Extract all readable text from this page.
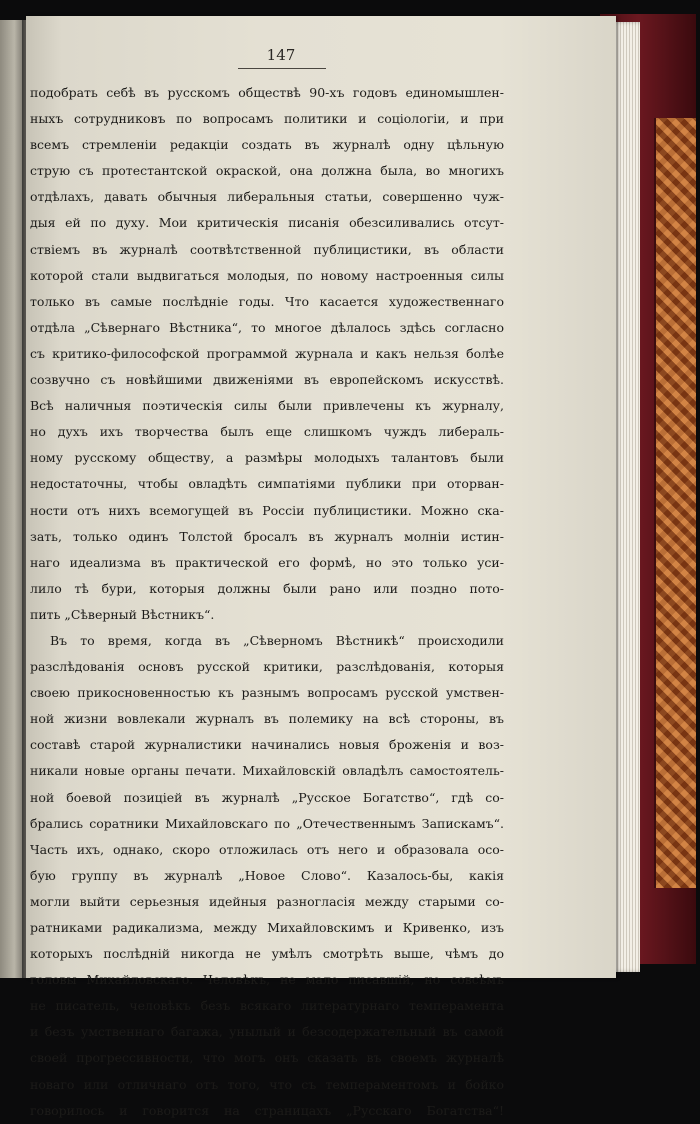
147
подобрать себѣ въ русскомъ обществѣ 90-хъ годовъ единомышлен-
ныхъ сотрудниковъ по вопросамъ политики и соціологіи, и при
всемъ стремленіи редакціи создать въ журналѣ одну цѣльную
струю съ протестантской окраской, она должна была, во многихъ
отдѣлахъ, давать обычныя либеральныя статьи, совершенно чуж-
дыя ей по духу. Мои критическія писанія обезсиливались отсут-
ствіемъ въ журналѣ соотвѣтственной публицистики, въ области
которой стали выдвигаться молодыя, по новому настроенныя силы
только въ самые послѣдніе годы. Что касается художественнаго
отдѣла „Сѣвернаго Вѣстника“, то многое дѣлалось здѣсь согласно
съ критико-философской программой журнала и какъ нельзя болѣе
созвучно съ новѣйшими движеніями въ европейскомъ искусствѣ.
Всѣ наличныя поэтическія силы были привлечены къ журналу,
но духъ ихъ творчества былъ еще слишкомъ чуждъ либераль-
ному русскому обществу, а размѣры молодыхъ талантовъ были
недостаточны, чтобы овладѣть симпатіями публики при оторван-
ности отъ нихъ всемогущей въ Россіи публицистики. Можно ска-
зать, только одинъ Толстой бросалъ въ журналъ молніи истин-
наго идеализма въ практической его формѣ, но это только уси-
лило тѣ бури, которыя должны были рано или поздно пото-
пить „Сѣверный Вѣстникъ“.
Въ то время, когда въ „Сѣверномъ Вѣстникѣ“ происходили
разслѣдованія основъ русской критики, разслѣдованія, которыя
своею прикосновенностью къ разнымъ вопросамъ русской умствен-
ной жизни вовлекали журналъ въ полемику на всѣ стороны, въ
составѣ старой журналистики начинались новыя броженія и воз-
никали новые органы печати. Михайловскій овладѣлъ самостоятель-
ной боевой позиціей въ журналѣ „Русское Богатство“, гдѣ со-
брались соратники Михайловскаго по „Отечественнымъ Запискамъ“.
Часть ихъ, однако, скоро отложилась отъ него и образовала осо-
бую группу въ журналѣ „Новое Слово“. Казалось-бы, какія
могли выйти серьезныя идейныя разногласія между старыми со-
ратниками радикализма, между Михайловскимъ и Кривенко, изъ
которыхъ послѣдній никогда не умѣлъ смотрѣть выше, чѣмъ до
головы Михайловскаго. Человѣкъ, не мало писавшій, но совсѣмъ
не писатель, человѣкъ безъ всякаго литературнаго темперамента
и безъ умственнаго багажа, унылый и безсодержательный въ самой
своей прогрессивности, что могъ онъ сказать въ своемъ журналѣ
новаго или отличнаго отъ того, что съ темпераментомъ и бойко
говорилось и говорится на страницахъ „Русскаго Богатства“!
